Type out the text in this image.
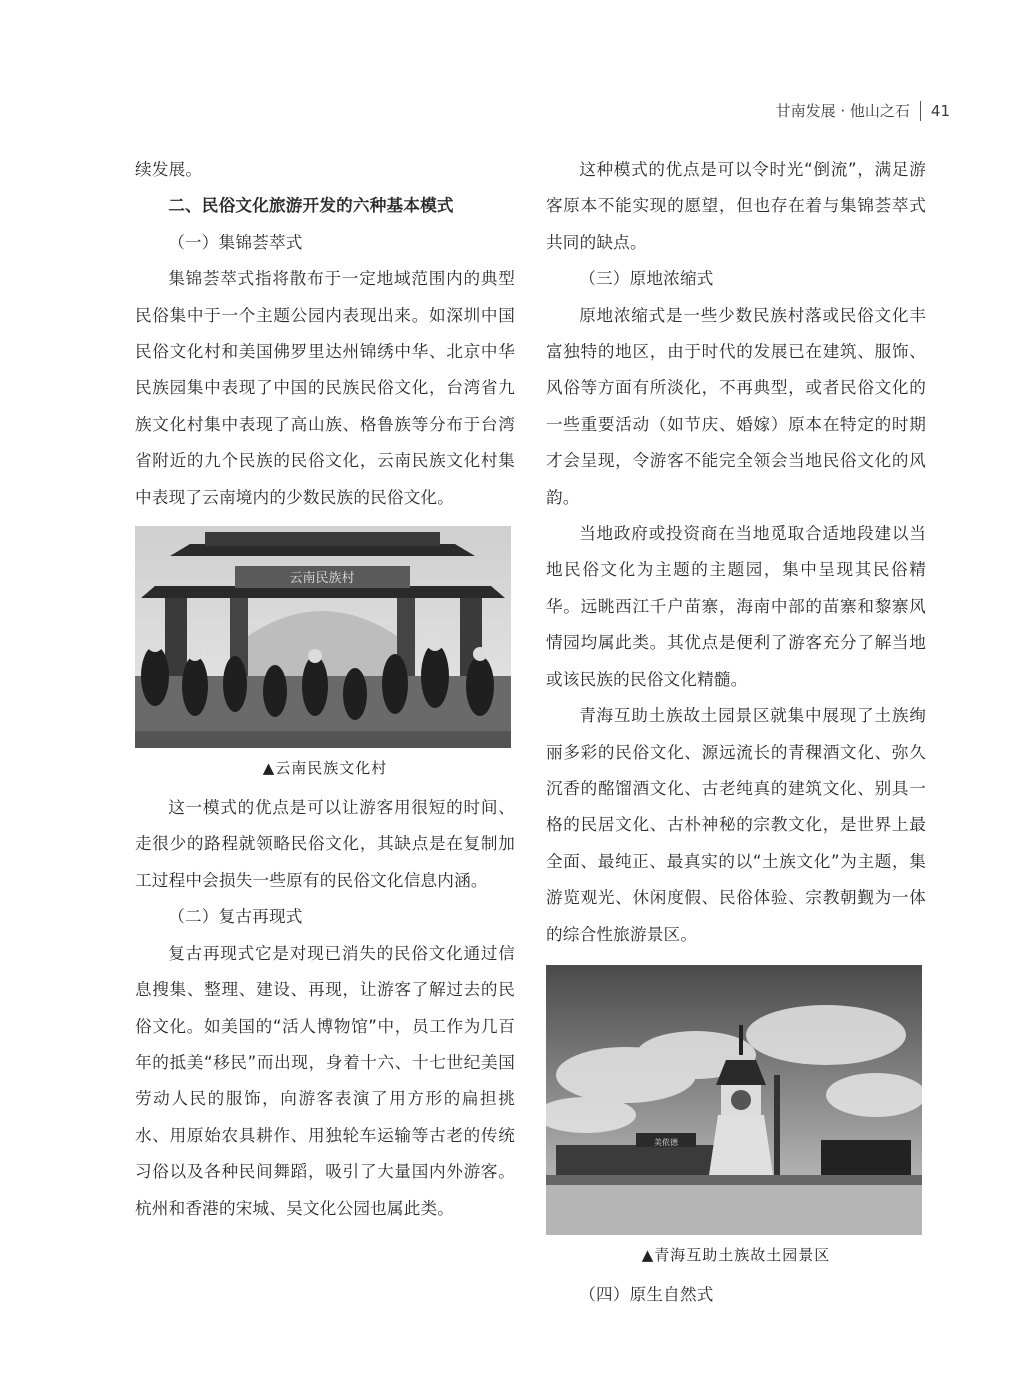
甘南发展 · 他山之石 41

续发展。

二、民俗文化旅游开发的六种基本模式

（一）集锦荟萃式

集锦荟萃式指将散布于一定地域范围内的典型民俗集中于一个主题公园内表现出来。如深圳中国民俗文化村和美国佛罗里达州锦绣中华、北京中华民族园集中表现了中国的民族民俗文化，台湾省九族文化村集中表现了高山族、格鲁族等分布于台湾省附近的九个民族的民俗文化，云南民族文化村集中表现了云南境内的少数民族的民俗文化。

云南民族村
▲云南民族文化村

这一模式的优点是可以让游客用很短的时间、走很少的路程就领略民俗文化，其缺点是在复制加工过程中会损失一些原有的民俗文化信息内涵。

（二）复古再现式

复古再现式它是对现已消失的民俗文化通过信息搜集、整理、建设、再现，让游客了解过去的民俗文化。如美国的“活人博物馆”中，员工作为几百年的抵美“移民”而出现，身着十六、十七世纪美国劳动人民的服饰，向游客表演了用方形的扁担挑水、用原始农具耕作、用独轮车运输等古老的传统习俗以及各种民间舞蹈，吸引了大量国内外游客。杭州和香港的宋城、吴文化公园也属此类。

这种模式的优点是可以令时光“倒流”，满足游客原本不能实现的愿望，但也存在着与集锦荟萃式共同的缺点。

（三）原地浓缩式

原地浓缩式是一些少数民族村落或民俗文化丰富独特的地区，由于时代的发展已在建筑、服饰、风俗等方面有所淡化，不再典型，或者民俗文化的一些重要活动（如节庆、婚嫁）原本在特定的时期才会呈现，令游客不能完全领会当地民俗文化的风韵。

当地政府或投资商在当地觅取合适地段建以当地民俗文化为主题的主题园，集中呈现其民俗精华。远眺西江千户苗寨，海南中部的苗寨和黎寨风情园均属此类。其优点是便利了游客充分了解当地或该民族的民俗文化精髓。

青海互助土族故土园景区就集中展现了土族绚丽多彩的民俗文化、源远流长的青稞酒文化、弥久沉香的酩馏酒文化、古老纯真的建筑文化、别具一格的民居文化、古朴神秘的宗教文化，是世界上最全面、最纯正、最真实的以“土族文化”为主题，集游览观光、休闲度假、民俗体验、宗教朝觐为一体的综合性旅游景区。

美侬德
▲青海互助土族故土园景区

（四）原生自然式
